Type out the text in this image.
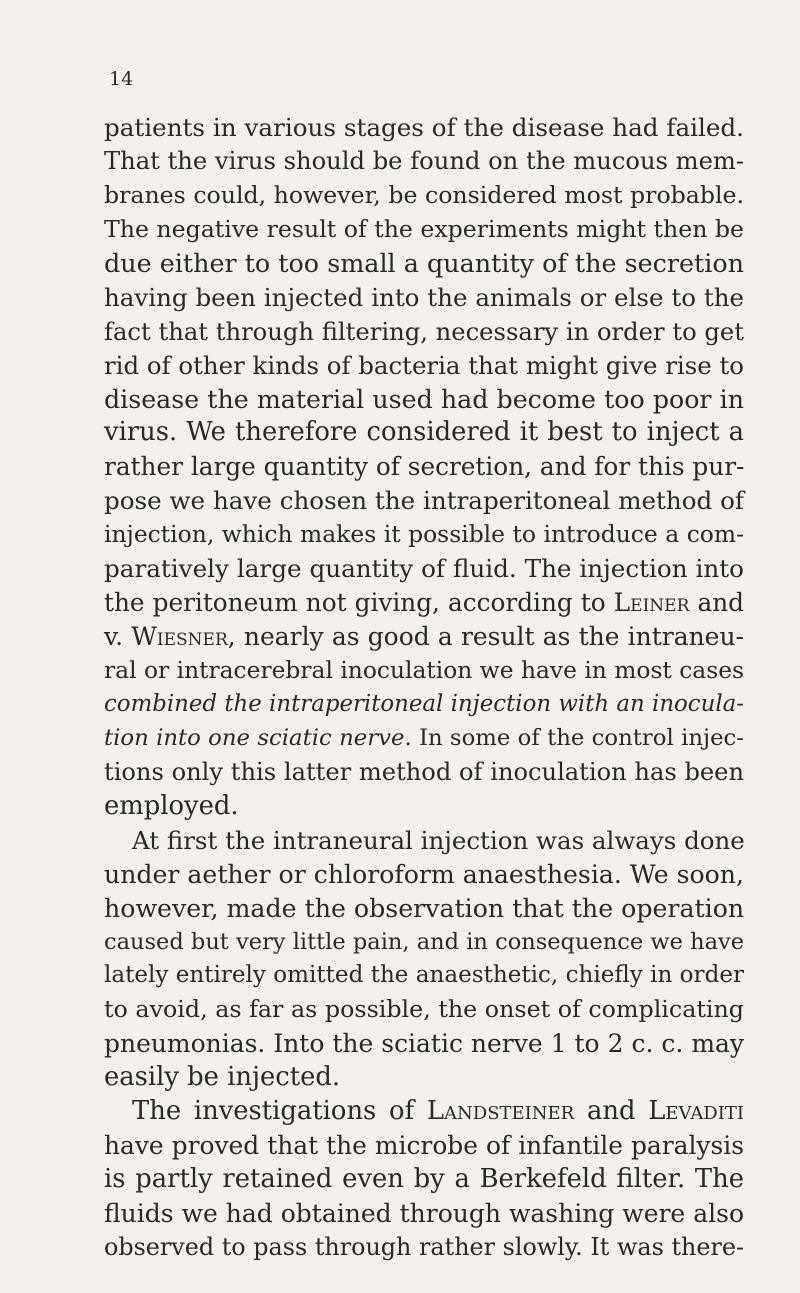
14
patients in various stages of the disease had failed.
That the virus should be found on the mucous mem-
branes could, however, be considered most probable.
The negative result of the experiments might then be
due either to too small a quantity of the secretion
having been injected into the animals or else to the
fact that through filtering, necessary in order to get
rid of other kinds of bacteria that might give rise to
disease the material used had become too poor in
virus. We therefore considered it best to inject a
rather large quantity of secretion, and for this pur-
pose we have chosen the intraperitoneal method of
injection, which makes it possible to introduce a com-
paratively large quantity of fluid. The injection into
the peritoneum not giving, according to Leiner and
v. Wiesner, nearly as good a result as the intraneu-
ral or intracerebral inoculation we have in most cases
combined the intraperitoneal injection with an inocula-
tion into one sciatic nerve. In some of the control injec-
tions only this latter method of inoculation has been
employed.
At first the intraneural injection was always done
under aether or chloroform anaesthesia. We soon,
however, made the observation that the operation
caused but very little pain, and in consequence we have
lately entirely omitted the anaesthetic, chiefly in order
to avoid, as far as possible, the onset of complicating
pneumonias. Into the sciatic nerve 1 to 2 c. c. may
easily be injected.
The investigations of Landsteiner and Levaditi
have proved that the microbe of infantile paralysis
is partly retained even by a Berkefeld filter. The
fluids we had obtained through washing were also
observed to pass through rather slowly. It was there-
